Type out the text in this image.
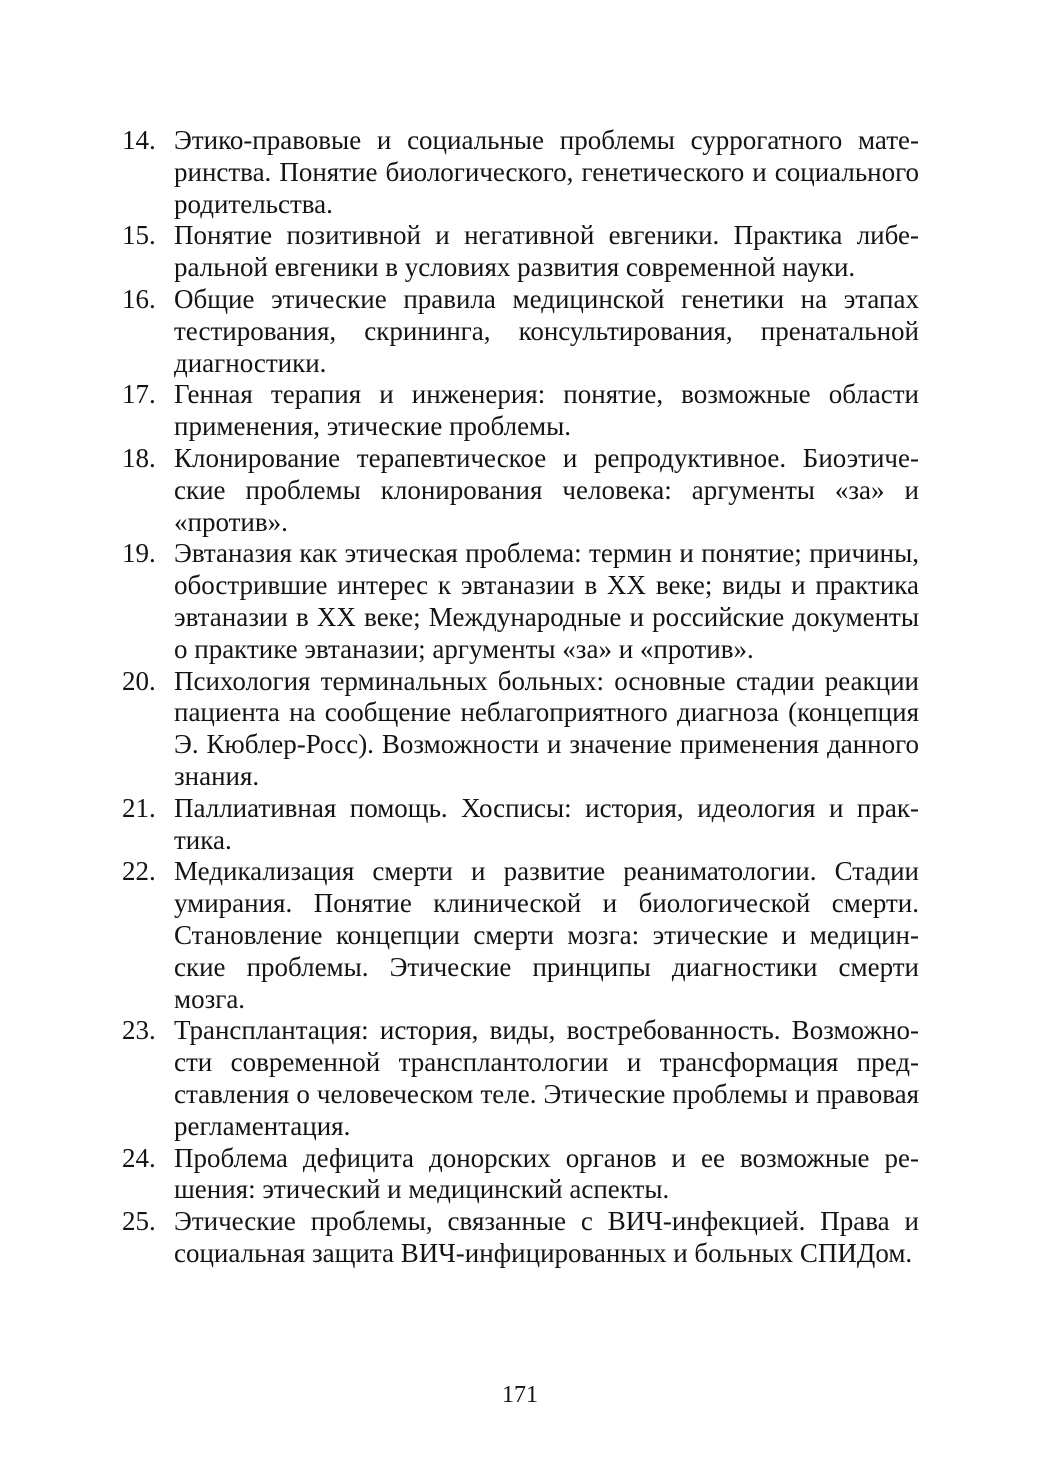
14. Этико-правовые и социальные проблемы суррогатного материнства. Понятие биологического, генетического и социального родительства.
15. Понятие позитивной и негативной евгеники. Практика либеральной евгеники в условиях развития современной науки.
16. Общие этические правила медицинской генетики на этапах тестирования, скрининга, консультирования, пренатальной диагностики.
17. Генная терапия и инженерия: понятие, возможные области применения, этические проблемы.
18. Клонирование терапевтическое и репродуктивное. Биоэтические проблемы клонирования человека: аргументы «за» и «против».
19. Эвтаназия как этическая проблема: термин и понятие; причины, обострившие интерес к эвтаназии в XX веке; виды и практика эвтаназии в XX веке; Международные и российские документы о практике эвтаназии; аргументы «за» и «против».
20. Психология терминальных больных: основные стадии реакции пациента на сообщение неблагоприятного диагноза (концепция Э. Кюблер-Росс). Возможности и значение применения данного знания.
21. Паллиативная помощь. Хосписы: история, идеология и практика.
22. Медикализация смерти и развитие реаниматологии. Стадии умирания. Понятие клинической и биологической смерти. Становление концепции смерти мозга: этические и медицинские проблемы. Этические принципы диагностики смерти мозга.
23. Трансплантация: история, виды, востребованность. Возможности современной трансплантологии и трансформация представления о человеческом теле. Этические проблемы и правовая регламентация.
24. Проблема дефицита донорских органов и ее возможные решения: этический и медицинский аспекты.
25. Этические проблемы, связанные с ВИЧ-инфекцией. Права и социальная защита ВИЧ-инфицированных и больных СПИДом.
171
